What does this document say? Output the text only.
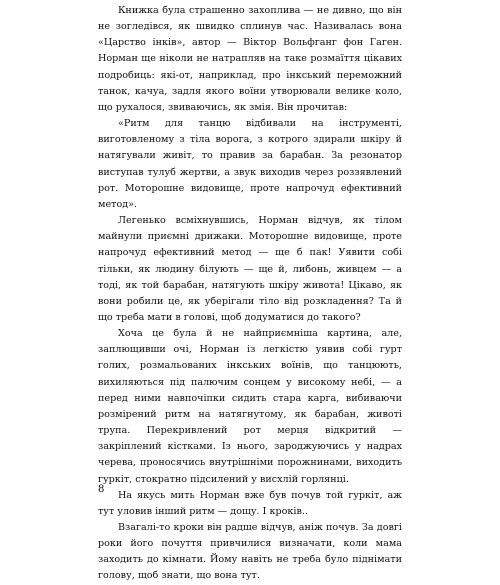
Книжка була страшенно захоплива — не дивно, що він не зогледівся, як швидко сплинув час. Називалась вона «Царство інків», автор — Віктор Вольфганг фон Гаген. Норман ще ніколи не натрапляв на таке розмаїття цікавих подробиць: які-от, наприклад, про інкський переможний танок, качуа, задля якого воїни утворювали велике коло, що рухалося, звиваючись, як змія. Він прочитав:

«Ритм для танцю відбивали на інструменті, виготовленому з тіла ворога, з котрого здирали шкіру й натягували живіт, то правив за барабан. За резонатор виступав тулуб жертви, а звук виходив через роззявлений рот. Моторошне видовище, проте напрочуд ефективний метод».

Легенько всміхнувшись, Норман відчув, як тілом майнули приємні дрижаки. Моторошне видовище, проте напрочуд ефективний метод — ще б пак! Уявити собі тільки, як людину білують — ще й, либонь, живцем — а тоді, як той барабан, натягують шкіру живота! Цікаво, як вони робили це, як уберігали тіло від розкладення? Та й що треба мати в голові, щоб додуматися до такого?

Хоча це була й не найприємніша картина, але, заплющивши очі, Норман із легкістю уявив собі гурт голих, розмальованих інкських воїнів, що танцюють, вихиляються під палючим сонцем у високому небі, — а перед ними навпочіпки сидить стара карга, вибиваючи розмірений ритм на натягнутому, як барабан, животі трупа. Перекривлений рот мерця відкритий — закріплений кістками. Із нього, зароджуючись у надрах черева, проносячись внутрішніми порожнинами, виходить гуркіт, стократно підсилений у висхлій горлянці.

На якусь мить Норман вже був почув той гуркіт, аж тут уловив інший ритм — дощу. І кроків..

Взагалі-то кроки він радше відчув, аніж почув. За довгі роки його почуття привчилися визначати, коли мама заходить до кімнати. Йому навіть не треба було піднімати голову, щоб знати, що вона тут.

8
